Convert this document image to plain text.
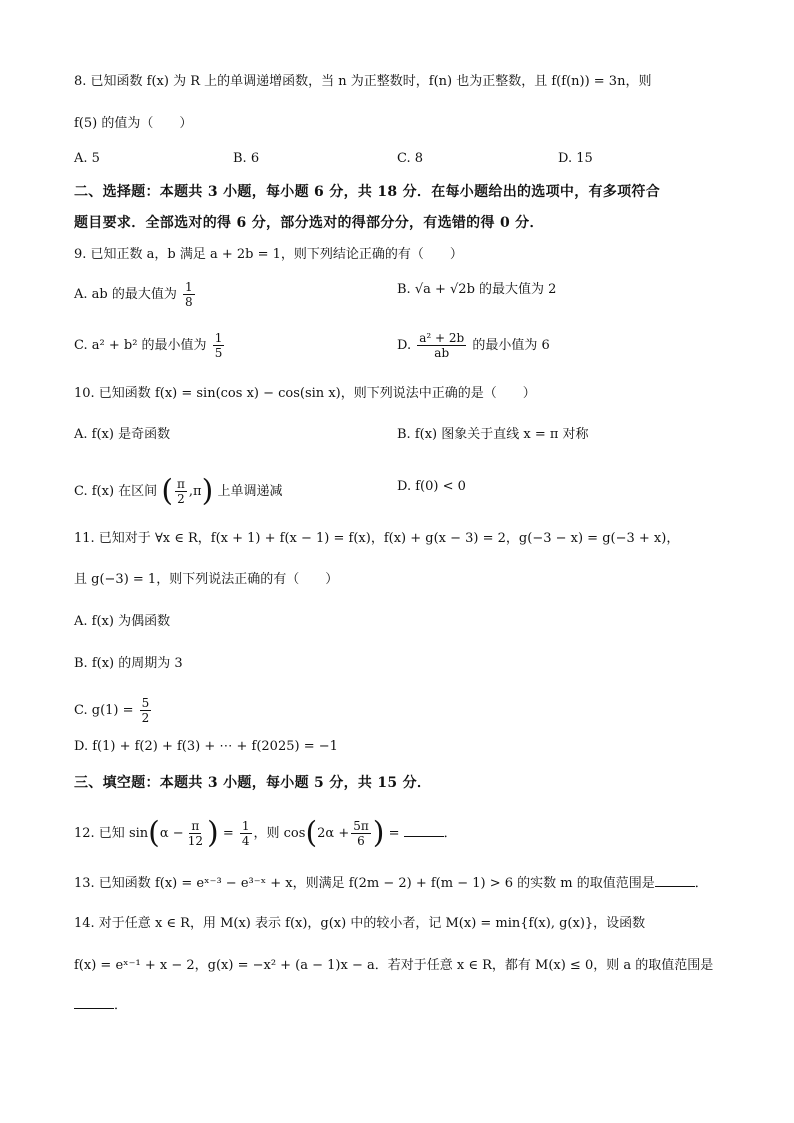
8. 已知函数 f(x) 为 R 上的单调递增函数，当 n 为正整数时，f(n) 也为正整数，且 f(f(n)) = 3n，则
f(5) 的值为（　　）
A. 5	B. 6	C. 8	D. 15
二、选择题：本题共 3 小题，每小题 6 分，共 18 分．在每小题给出的选项中，有多项符合
题目要求．全部选对的得 6 分，部分选对的得部分分，有选错的得 0 分．
9. 已知正数 a，b 满足 a + 2b = 1，则下列结论正确的有（　　）
A. ab 的最大值为 $\frac{1}{8}$	B. √a + √2b 的最大值为 2
C. a² + b² 的最小值为 $\frac{1}{5}$	D. $\frac{\text{a² + 2b}}{ab}$ 的最小值为 6
10. 已知函数 f(x) = sin(cos x) − cos(sin x)，则下列说法中正确的是（　　）
A. f(x) 是奇函数	B. f(x) 图象关于直线 x = π 对称
C. f(x) 在区间 ( $\frac{\pi}{2} ,\pi$) 上单调递减	D. f(0) < 0
11. 已知对于 ∀x ∈ R，f(x + 1) + f(x − 1) = f(x)，f(x) + g(x − 3) = 2，g(−3 − x) = g(−3 + x)，
且 g(−3) = 1，则下列说法正确的有（　　）
A. f(x) 为偶函数
B. f(x) 的周期为 3
C. $g(1) = \frac{5}{2}$
D. f(1) + f(2) + f(3) + ⋯ + f(2025) = −1
三、填空题：本题共 3 小题，每小题 5 分，共 15 分．
12. 已知 $\sin(\alpha - \frac{\pi}{12}$ ) = $\frac{1}{4}$ ，则 $\cos(2\alpha + \frac{5\pi}{6}$ ) =	．
13. 已知函数 f(x) = eˣ⁻³ − e³⁻ˣ + x，则满足 f(2m − 2) + f(m − 1) > 6 的实数 m 的取值范围是	．
14. 对于任意 x ∈ R，用 M(x) 表示 f(x)，g(x) 中的较小者，记 M(x) = min{f(x), g(x)}，设函数
f(x) = eˣ⁻¹ + x − 2，g(x) = −x² + (a − 1)x − a．若对于任意 x ∈ R，都有 M(x) ≤ 0，则 a 的取值范围是
．
